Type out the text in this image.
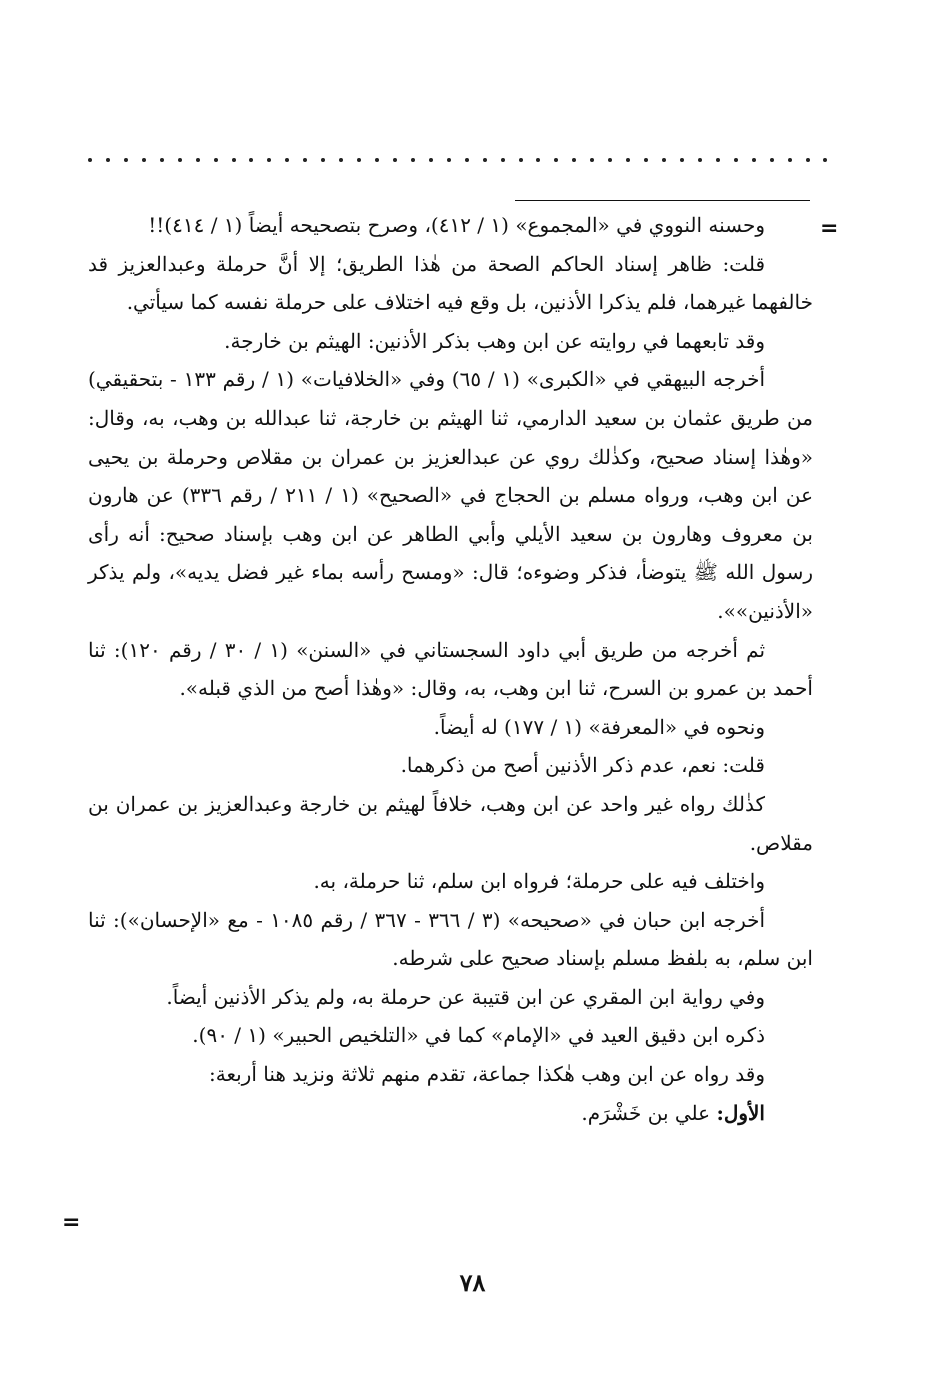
=

وحسنه النووي في «المجموع» (١ / ٤١٢)، وصرح بتصحيحه أيضاً (١ / ٤١٤)!!

قلت: ظاهر إسناد الحاكم الصحة من هٰذا الطريق؛ إلا أنَّ حرملة وعبدالعزيز قد خالفهما غيرهما، فلم يذكرا الأذنين، بل وقع فيه اختلاف على حرملة نفسه كما سيأتي.

وقد تابعهما في روايته عن ابن وهب بذكر الأذنين: الهيثم بن خارجة.

أخرجه البيهقي في «الكبرى» (١ / ٦٥) وفي «الخلافيات» (١ / رقم ١٣٣ - بتحقيقي) من طريق عثمان بن سعيد الدارمي، ثنا الهيثم بن خارجة، ثنا عبدالله بن وهب، به، وقال: «وهٰذا إسناد صحيح، وكذٰلك روي عن عبدالعزيز بن عمران بن مقلاص وحرملة بن يحيى عن ابن وهب، ورواه مسلم بن الحجاج في «الصحيح» (١ / ٢١١ / رقم ٣٣٦) عن هارون بن معروف وهارون بن سعيد الأيلي وأبي الطاهر عن ابن وهب بإسناد صحيح: أنه رأى رسول الله ﷺ يتوضأ، فذكر وضوءه؛ قال: «ومسح رأسه بماء غير فضل يديه»، ولم يذكر «الأذنين»».

ثم أخرجه من طريق أبي داود السجستاني في «السنن» (١ / ٣٠ / رقم ١٢٠): ثنا أحمد بن عمرو بن السرح، ثنا ابن وهب، به، وقال: «وهٰذا أصح من الذي قبله».

ونحوه في «المعرفة» (١ / ١٧٧) له أيضاً.

قلت: نعم، عدم ذكر الأذنين أصح من ذكرهما.

كذٰلك رواه غير واحد عن ابن وهب، خلافاً لهيثم بن خارجة وعبدالعزيز بن عمران بن مقلاص.

واختلف فيه على حرملة؛ فرواه ابن سلم، ثنا حرملة، به.

أخرجه ابن حبان في «صحيحه» (٣ / ٣٦٦ - ٣٦٧ / رقم ١٠٨٥ - مع «الإحسان»): ثنا ابن سلم، به بلفظ مسلم بإسناد صحيح على شرطه.

وفي رواية ابن المقري عن ابن قتيبة عن حرملة به، ولم يذكر الأذنين أيضاً.

ذكره ابن دقيق العيد في «الإمام» كما في «التلخيص الحبير» (١ / ٩٠).

وقد رواه عن ابن وهب هٰكذا جماعة، تقدم منهم ثلاثة ونزيد هنا أربعة:

الأول: علي بن خَشْرَم.

=
٧٨
